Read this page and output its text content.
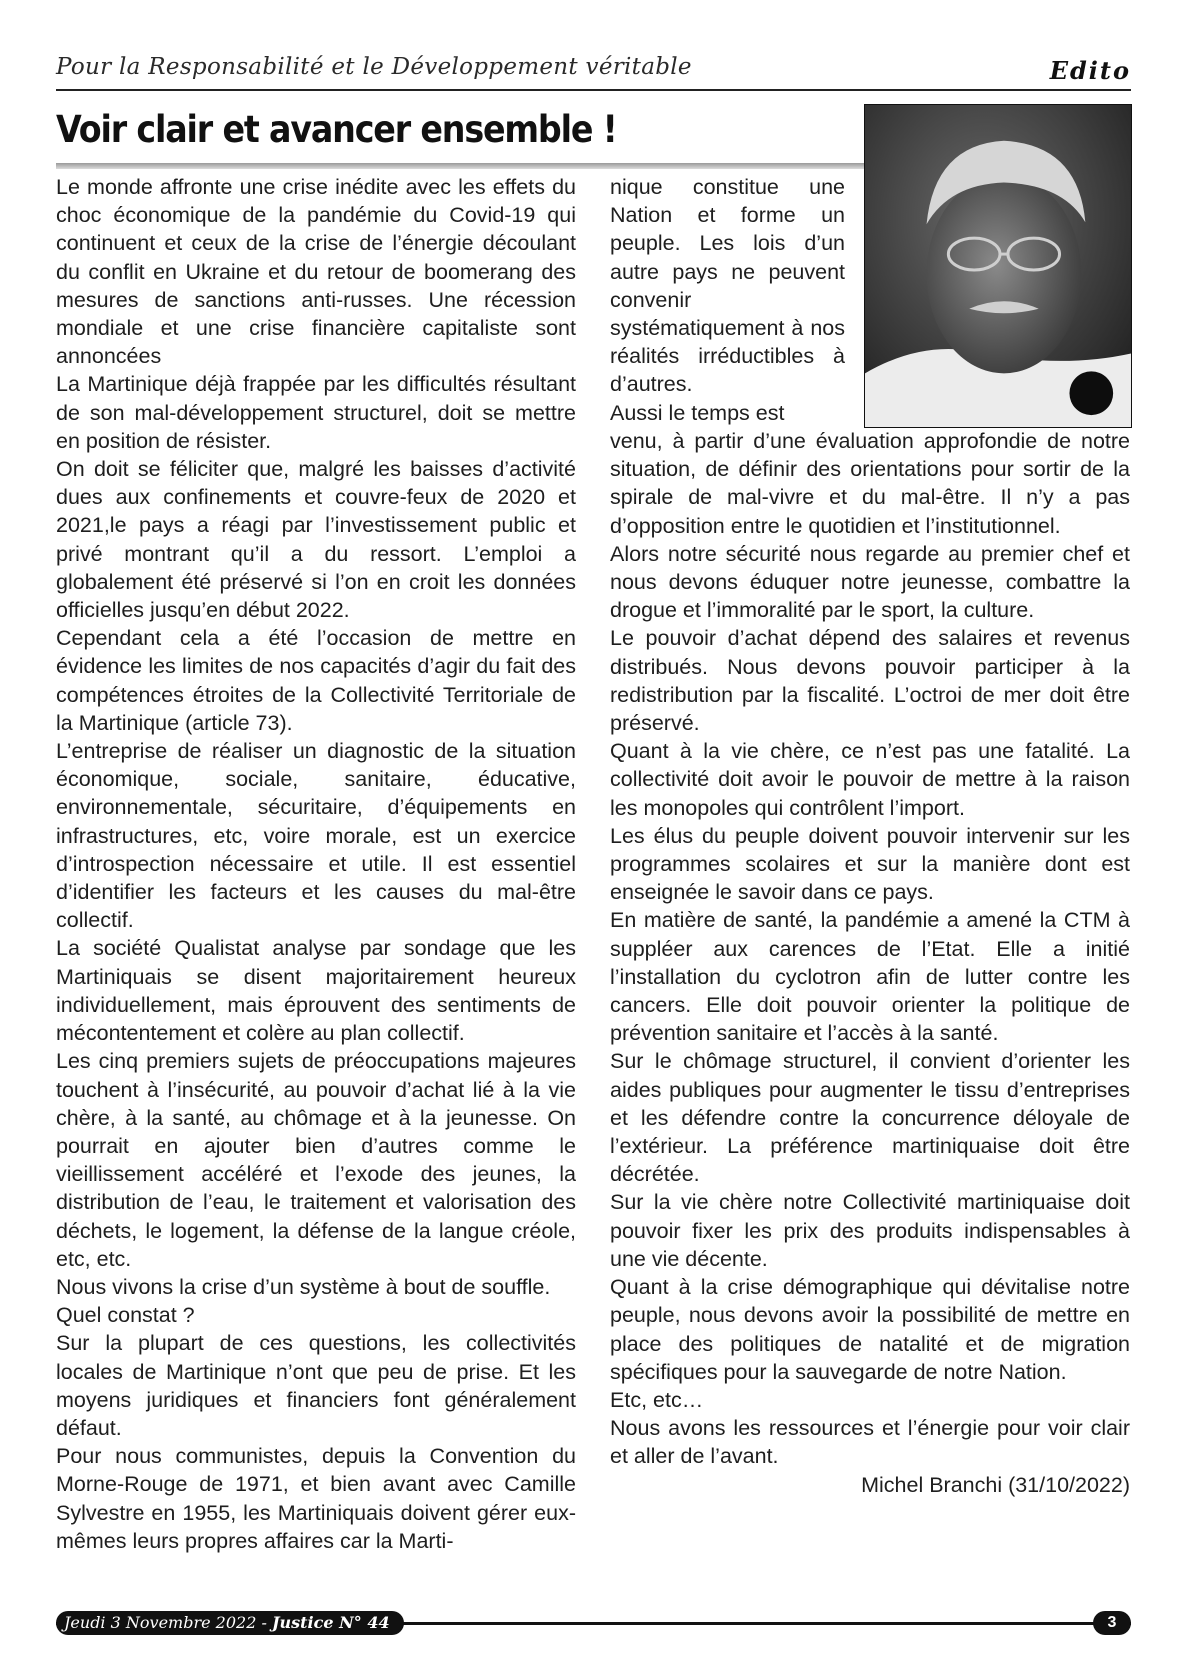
Pour la Responsabilité et le Développement véritable	Edito
Voir clair et avancer ensemble !

Le monde affronte une crise inédite avec les effets du choc économique de la pandémie du Covid-19 qui continuent et ceux de la crise de l’énergie découlant du conflit en Ukraine et du retour de boomerang des mesures de sanctions anti-russes. Une récession mondiale et une crise financière capitaliste sont annoncées

La Martinique déjà frappée par les difficultés résultant de son mal-développement structurel, doit se mettre en position de résister.

On doit se féliciter que, malgré les baisses d’activité dues aux confinements et couvre-feux de 2020 et 2021,le pays a réagi par l’investissement public et privé montrant qu’il a du ressort. L’emploi a globalement été préservé si l’on en croit les données officielles jusqu’en début 2022.

Cependant cela a été l’occasion de mettre en évidence les limites de nos capacités d’agir du fait des compétences étroites de la Collectivité Territoriale de la Martinique (article 73).

L’entreprise de réaliser un diagnostic de la situation économique, sociale, sanitaire, éducative, environnementale, sécuritaire, d’équipements en infrastructures, etc, voire morale, est un exercice d’introspection nécessaire et utile. Il est essentiel d’identifier les facteurs et les causes du mal-être collectif.

La société Qualistat analyse par sondage que les Martiniquais se disent majoritairement heureux individuellement, mais éprouvent des sentiments de mécontentement et colère au plan collectif.

Les cinq premiers sujets de préoccupations majeures touchent à l’insécurité, au pouvoir d’achat lié à la vie chère, à la santé, au chômage et à la jeunesse. On pourrait en ajouter bien d’autres comme le vieillissement accéléré et l’exode des jeunes, la distribution de l’eau, le traitement et valorisation des déchets, le logement, la défense de la langue créole, etc, etc.

Nous vivons la crise d’un système à bout de souffle.

Quel constat ?

Sur la plupart de ces questions, les collectivités locales de Martinique n’ont que peu de prise. Et les moyens juridiques et financiers font généralement défaut.

Pour nous communistes, depuis la Convention du Morne-Rouge de 1971, et bien avant avec Camille Sylvestre en 1955, les Martiniquais doivent gérer eux-mêmes leurs propres affaires car la Marti-

nique constitue une Nation et forme un peuple. Les lois d’un autre pays ne peuvent convenir systématiquement à nos réalités irréductibles à d’autres.

Aussi le temps est

venu, à partir d’une évaluation approfondie de notre situation, de définir des orientations pour sortir de la spirale de mal-vivre et du mal-être. Il n’y a pas d’opposition entre le quotidien et l’institutionnel.

Alors notre sécurité nous regarde au premier chef et nous devons éduquer notre jeunesse, combattre la drogue et l’immoralité par le sport, la culture.

Le pouvoir d’achat dépend des salaires et revenus distribués. Nous devons pouvoir participer à la redistribution par la fiscalité. L’octroi de mer doit être préservé.

Quant à la vie chère, ce n’est pas une fatalité. La collectivité doit avoir le pouvoir de mettre à la raison les monopoles qui contrôlent l’import.

Les élus du peuple doivent pouvoir intervenir sur les programmes scolaires et sur la manière dont est enseignée le savoir dans ce pays.

En matière de santé, la pandémie a amené la CTM à suppléer aux carences de l’Etat. Elle a initié l’installation du cyclotron afin de lutter contre les cancers. Elle doit pouvoir orienter la politique de prévention sanitaire et l’accès à la santé.

Sur le chômage structurel, il convient d’orienter les aides publiques pour augmenter le tissu d’entreprises et les défendre contre la concurrence déloyale de l’extérieur. La préférence martiniquaise doit être décrétée.

Sur la vie chère notre Collectivité martiniquaise doit pouvoir fixer les prix des produits indispensables à une vie décente.

Quant à la crise démographique qui dévitalise notre peuple, nous devons avoir la possibilité de mettre en place des politiques de natalité et de migration spécifiques pour la sauvegarde de notre Nation.

Etc, etc…

Nous avons les ressources et l’énergie pour voir clair et aller de l’avant.

Michel Branchi (31/10/2022)

Jeudi 3 Novembre 2022 - Justice N° 44	3
